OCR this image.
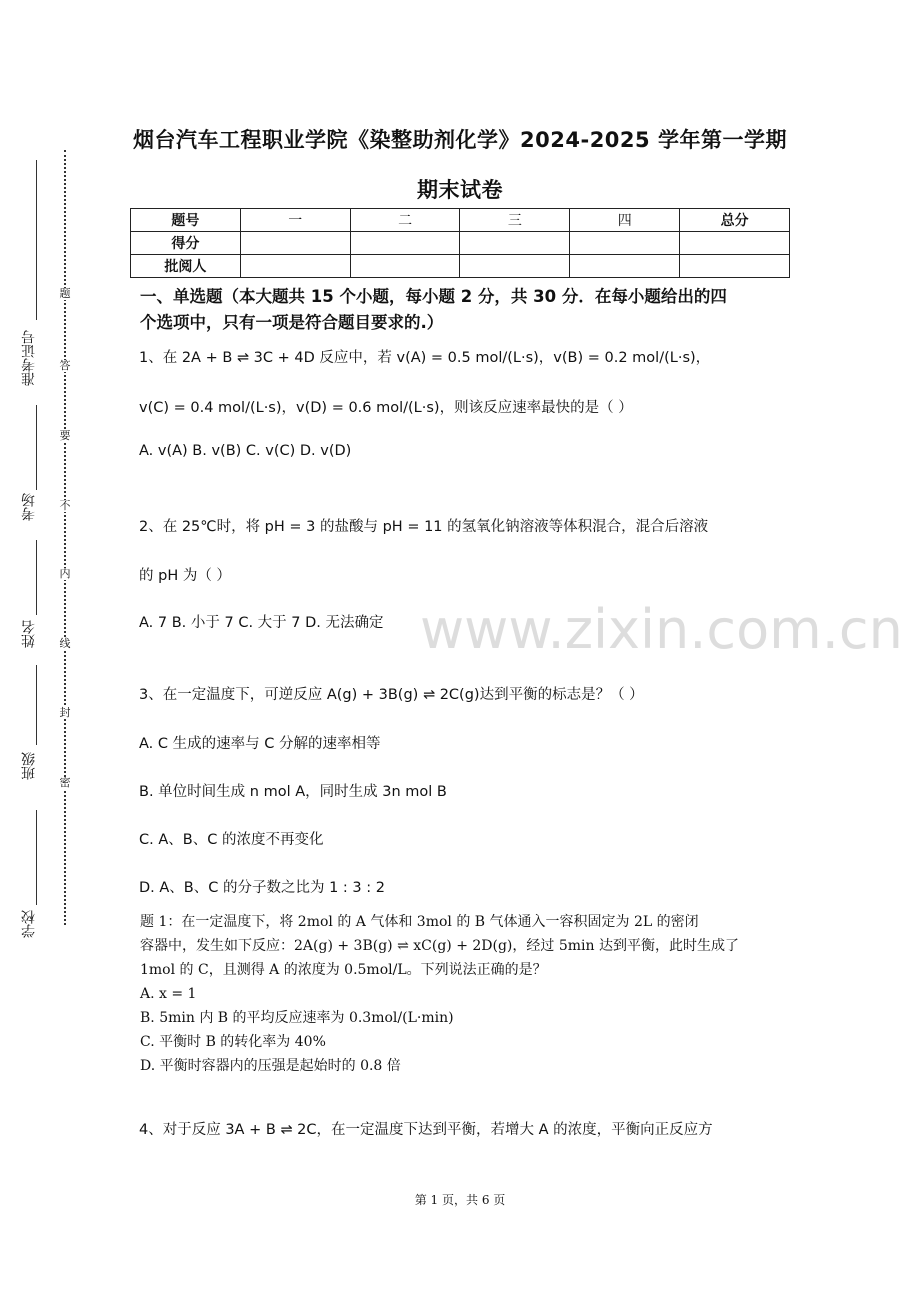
准考证号
考场
姓名
班级
学校
题
答
要
不
内
线
封
密
烟台汽车工程职业学院《染整助剂化学》2024-2025 学年第一学期
期末试卷
题号	一	二	三	四	总分
得分					
批阅人					
一、单选题（本大题共 15 个小题，每小题 2 分，共 30 分．在每小题给出的四
个选项中，只有一项是符合题目要求的.）
www.zixin.com.cn
1、在 2A + B ⇌ 3C + 4D 反应中，若 v(A) = 0.5 mol/(L·s)，v(B) = 0.2 mol/(L·s)，
v(C) = 0.4 mol/(L·s)，v(D) = 0.6 mol/(L·s)，则该反应速率最快的是（ ）
A. v(A) B. v(B) C. v(C) D. v(D)
2、在 25℃时，将 pH = 3 的盐酸与 pH = 11 的氢氧化钠溶液等体积混合，混合后溶液
的 pH 为（ ）
A. 7 B. 小于 7 C. 大于 7 D. 无法确定
3、在一定温度下，可逆反应 A(g) + 3B(g) ⇌ 2C(g)达到平衡的标志是？（ ）
A. C 生成的速率与 C 分解的速率相等
B. 单位时间生成 n mol A，同时生成 3n mol B
C. A、B、C 的浓度不再变化
D. A、B、C 的分子数之比为 1 : 3 : 2
题 1：在一定温度下，将 2mol 的 A 气体和 3mol 的 B 气体通入一容积固定为 2L 的密闭
容器中，发生如下反应：2A(g) + 3B(g) ⇌ xC(g) + 2D(g)，经过 5min 达到平衡，此时生成了
1mol 的 C，且测得 A 的浓度为 0.5mol/L。下列说法正确的是？
A. x = 1
B. 5min 内 B 的平均反应速率为 0.3mol/(L·min)
C. 平衡时 B 的转化率为 40%
D. 平衡时容器内的压强是起始时的 0.8 倍
4、对于反应 3A + B ⇌ 2C，在一定温度下达到平衡，若增大 A 的浓度，平衡向正反应方
第 1 页，共 6 页
